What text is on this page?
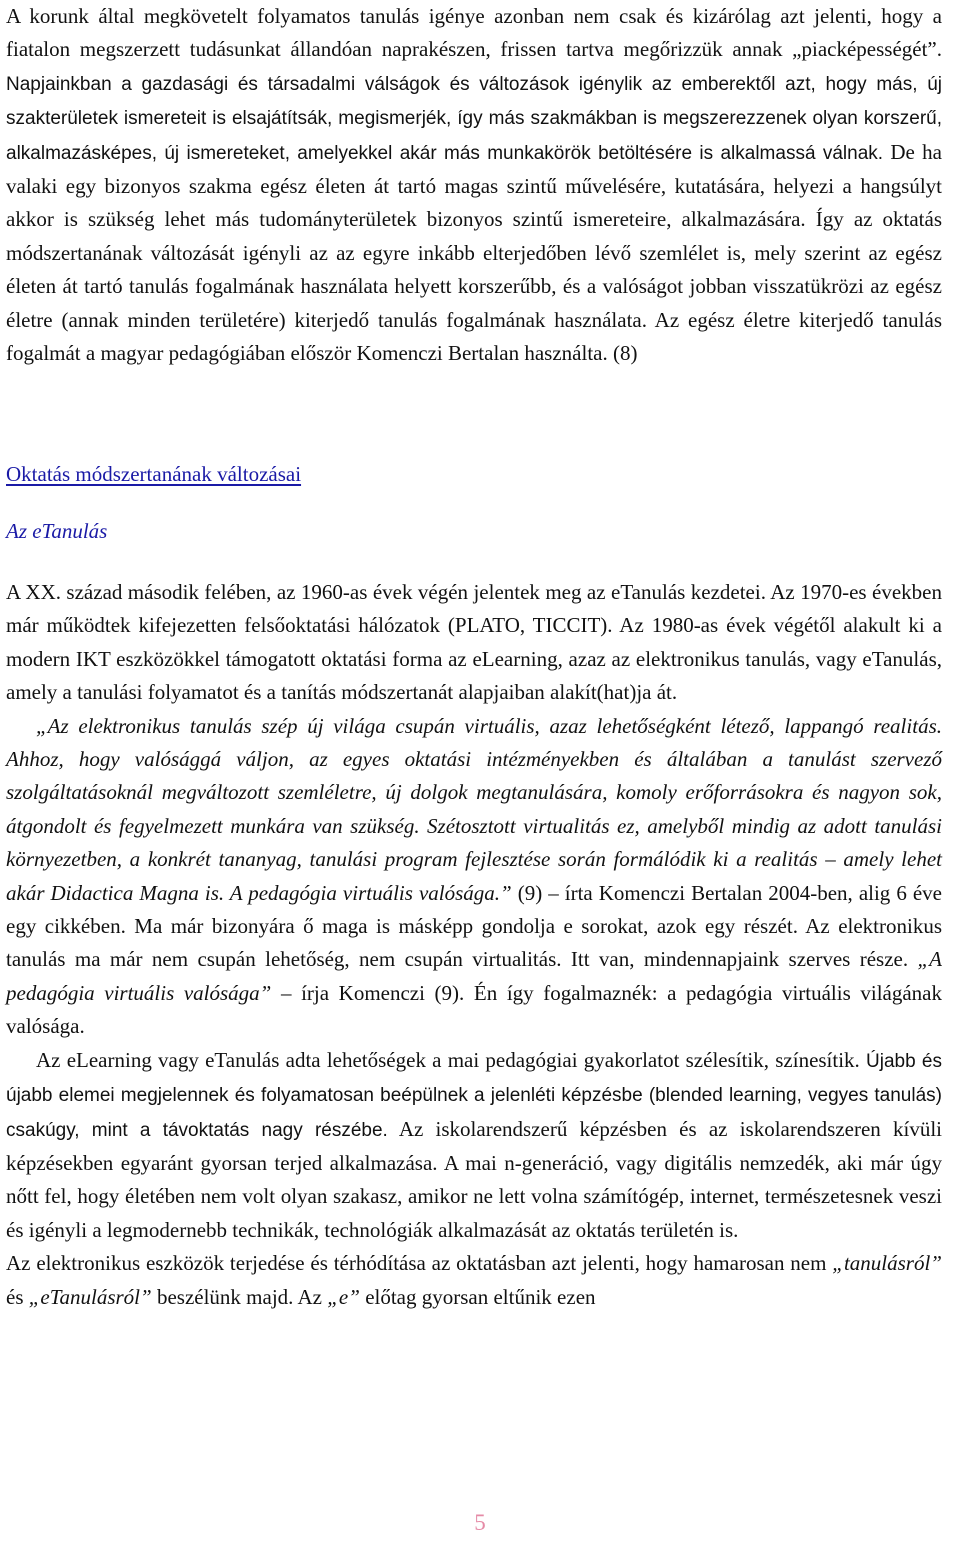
A korunk által megkövetelt folyamatos tanulás igénye azonban nem csak és kizárólag azt jelenti, hogy a fiatalon megszerzett tudásunkat állandóan naprakészen, frissen tartva megőrizzük annak „piacképességét”. Napjainkban a gazdasági és társadalmi válságok és változások igénylik az emberektől azt, hogy más, új szakterületek ismereteit is elsajátítsák, megismerjék, így más szakmákban is megszerezzenek olyan korszerű, alkalmazásképes, új ismereteket, amelyekkel akár más munkakörök betöltésére is alkalmassá válnak. De ha valaki egy bizonyos szakma egész életen át tartó magas szintű művelésére, kutatására, helyezi a hangsúlyt akkor is szükség lehet más tudományterületek bizonyos szintű ismereteire, alkalmazására. Így az oktatás módszertanának változását igényli az az egyre inkább elterjedőben lévő szemlélet is, mely szerint az egész életen át tartó tanulás fogalmának használata helyett korszerűbb, és a valóságot jobban visszatükrözi az egész életre (annak minden területére) kiterjedő tanulás fogalmának használata. Az egész életre kiterjedő tanulás fogalmát a magyar pedagógiában először Komenczi Bertalan használta. (8)

Oktatás módszertanának változásai

Az eTanulás

A XX. század második felében, az 1960-as évek végén jelentek meg az eTanulás kezdetei. Az 1970-es években már működtek kifejezetten felsőoktatási hálózatok (PLATO, TICCIT). Az 1980-as évek végétől alakult ki a modern IKT eszközökkel támogatott oktatási forma az eLearning, azaz az elektronikus tanulás, vagy eTanulás, amely a tanulási folyamatot és a tanítás módszertanát alapjaiban alakít(hat)ja át.

„Az elektronikus tanulás szép új világa csupán virtuális, azaz lehetőségként létező, lappangó realitás. Ahhoz, hogy valósággá váljon, az egyes oktatási intézményekben és általában a tanulást szervező szolgáltatásoknál megváltozott szemléletre, új dolgok megtanulására, komoly erőforrásokra és nagyon sok, átgondolt és fegyelmezett munkára van szükség. Szétosztott virtualitás ez, amelyből mindig az adott tanulási környezetben, a konkrét tananyag, tanulási program fejlesztése során formálódik ki a realitás – amely lehet akár Didactica Magna is. A pedagógia virtuális valósága.” (9) – írta Komenczi Bertalan 2004-ben, alig 6 éve egy cikkében. Ma már bizonyára ő maga is másképp gondolja e sorokat, azok egy részét. Az elektronikus tanulás ma már nem csupán lehetőség, nem csupán virtualitás. Itt van, mindennapjaink szerves része. „A pedagógia virtuális valósága” – írja Komenczi (9). Én így fogalmaznék: a pedagógia virtuális világának valósága.

Az eLearning vagy eTanulás adta lehetőségek a mai pedagógiai gyakorlatot szélesítik, színesítik. Újabb és újabb elemei megjelennek és folyamatosan beépülnek a jelenléti képzésbe (blended learning, vegyes tanulás) csakúgy, mint a távoktatás nagy részébe. Az iskolarendszerű képzésben és az iskolarendszeren kívüli képzésekben egyaránt gyorsan terjed alkalmazása. A mai n-generáció, vagy digitális nemzedék, aki már úgy nőtt fel, hogy életében nem volt olyan szakasz, amikor ne lett volna számítógép, internet, természetesnek veszi és igényli a legmodernebb technikák, technológiák alkalmazását az oktatás területén is.

Az elektronikus eszközök terjedése és térhódítása az oktatásban azt jelenti, hogy hamarosan nem „tanulásról” és „eTanulásról” beszélünk majd. Az „e” előtag gyorsan eltűnik ezen

5
